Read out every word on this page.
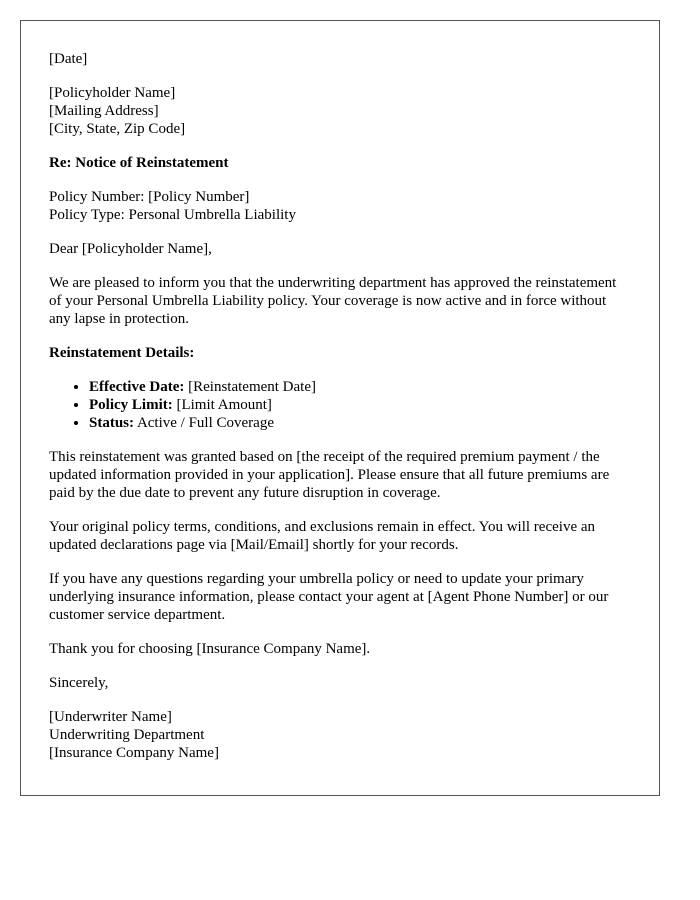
[Date]

[Policyholder Name]
[Mailing Address]
[City, State, Zip Code]
Re: Notice of Reinstatement
Policy Number: [Policy Number]
Policy Type: Personal Umbrella Liability
Dear [Policyholder Name],
We are pleased to inform you that the underwriting department has approved the reinstatement of your Personal Umbrella Liability policy. Your coverage is now active and in force without any lapse in protection.
Reinstatement Details:
• Effective Date: [Reinstatement Date]
• Policy Limit: [Limit Amount]
• Status: Active / Full Coverage
This reinstatement was granted based on [the receipt of the required premium payment / the updated information provided in your application]. Please ensure that all future premiums are paid by the due date to prevent any future disruption in coverage.
Your original policy terms, conditions, and exclusions remain in effect. You will receive an updated declarations page via [Mail/Email] shortly for your records.
If you have any questions regarding your umbrella policy or need to update your primary underlying insurance information, please contact your agent at [Agent Phone Number] or our customer service department.
Thank you for choosing [Insurance Company Name].
Sincerely,
[Underwriter Name]
Underwriting Department
[Insurance Company Name]
